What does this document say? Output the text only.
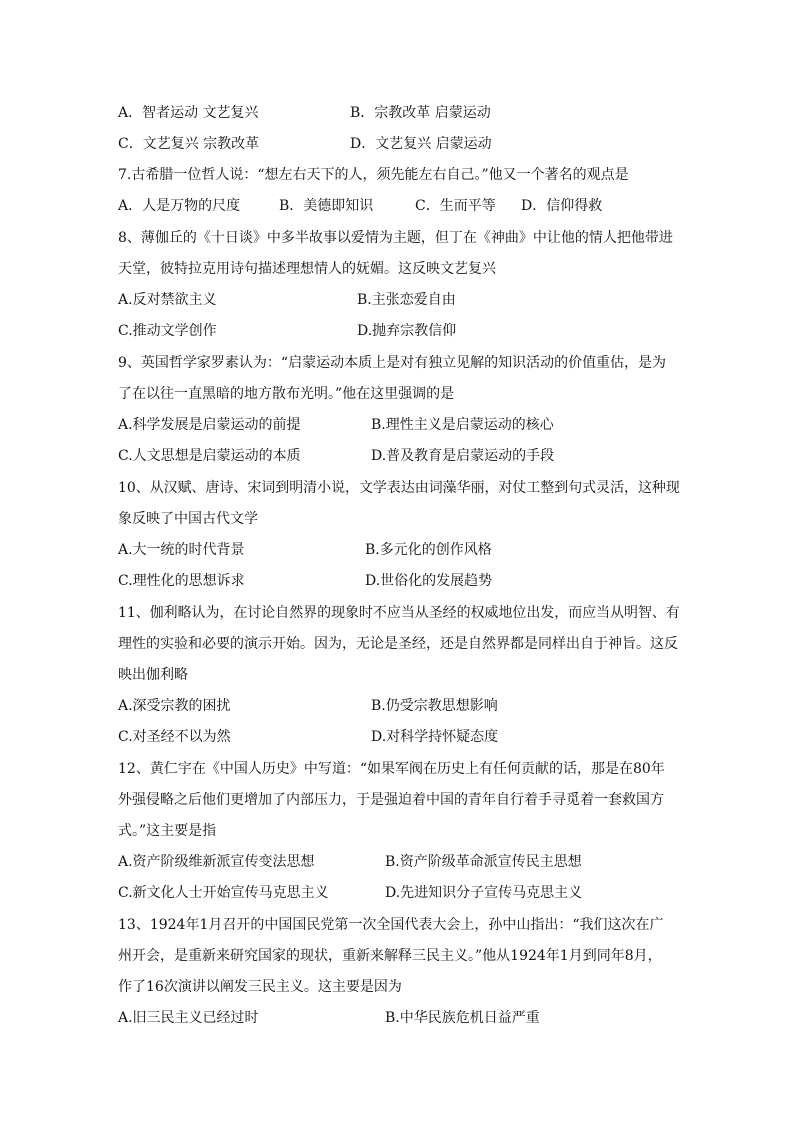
A．智者运动 文艺复兴	B．宗教改革 启蒙运动
C．文艺复兴 宗教改革	D．文艺复兴 启蒙运动
7.古希腊一位哲人说：“想左右天下的人，须先能左右自己。”他又一个著名的观点是
A．人是万物的尺度	B．美德即知识	C．生而平等 D．信仰得救
8、薄伽丘的《十日谈》中多半故事以爱情为主题，但丁在《神曲》中让他的情人把他带进
天堂，彼特拉克用诗句描述理想情人的妩媚。这反映文艺复兴
A.反对禁欲主义	B.主张恋爱自由
C.推动文学创作	D.抛弃宗教信仰
9、英国哲学家罗素认为：“启蒙运动本质上是对有独立见解的知识活动的价值重估，是为
了在以往一直黑暗的地方散布光明。”他在这里强调的是
A.科学发展是启蒙运动的前提	B.理性主义是启蒙运动的核心
C.人文思想是启蒙运动的本质	D.普及教育是启蒙运动的手段
10、从汉赋、唐诗、宋词到明清小说，文学表达由词藻华丽，对仗工整到句式灵活，这种现
象反映了中国古代文学
A.大一统的时代背景	B.多元化的创作风格
C.理性化的思想诉求	D.世俗化的发展趋势
11、伽利略认为，在讨论自然界的现象时不应当从圣经的权威地位出发，而应当从明智、有
理性的实验和必要的演示开始。因为，无论是圣经，还是自然界都是同样出自于神旨。这反
映出伽利略
A.深受宗教的困扰	B.仍受宗教思想影响
C.对圣经不以为然	D.对科学持怀疑态度
12、黄仁宇在《中国人历史》中写道：“如果军阀在历史上有任何贡献的话，那是在80年
外强侵略之后他们更增加了内部压力，于是强迫着中国的青年自行着手寻觅着一套救国方
式。”这主要是指
A.资产阶级维新派宣传变法思想	B.资产阶级革命派宣传民主思想
C.新文化人士开始宣传马克思主义	D.先进知识分子宣传马克思主义
13、1924年1月召开的中国国民党第一次全国代表大会上，孙中山指出：“我们这次在广
州开会，是重新来研究国家的现状，重新来解释三民主义。”他从1924年1月到同年8月，
作了16次演讲以阐发三民主义。这主要是因为
A.旧三民主义已经过时	B.中华民族危机日益严重
